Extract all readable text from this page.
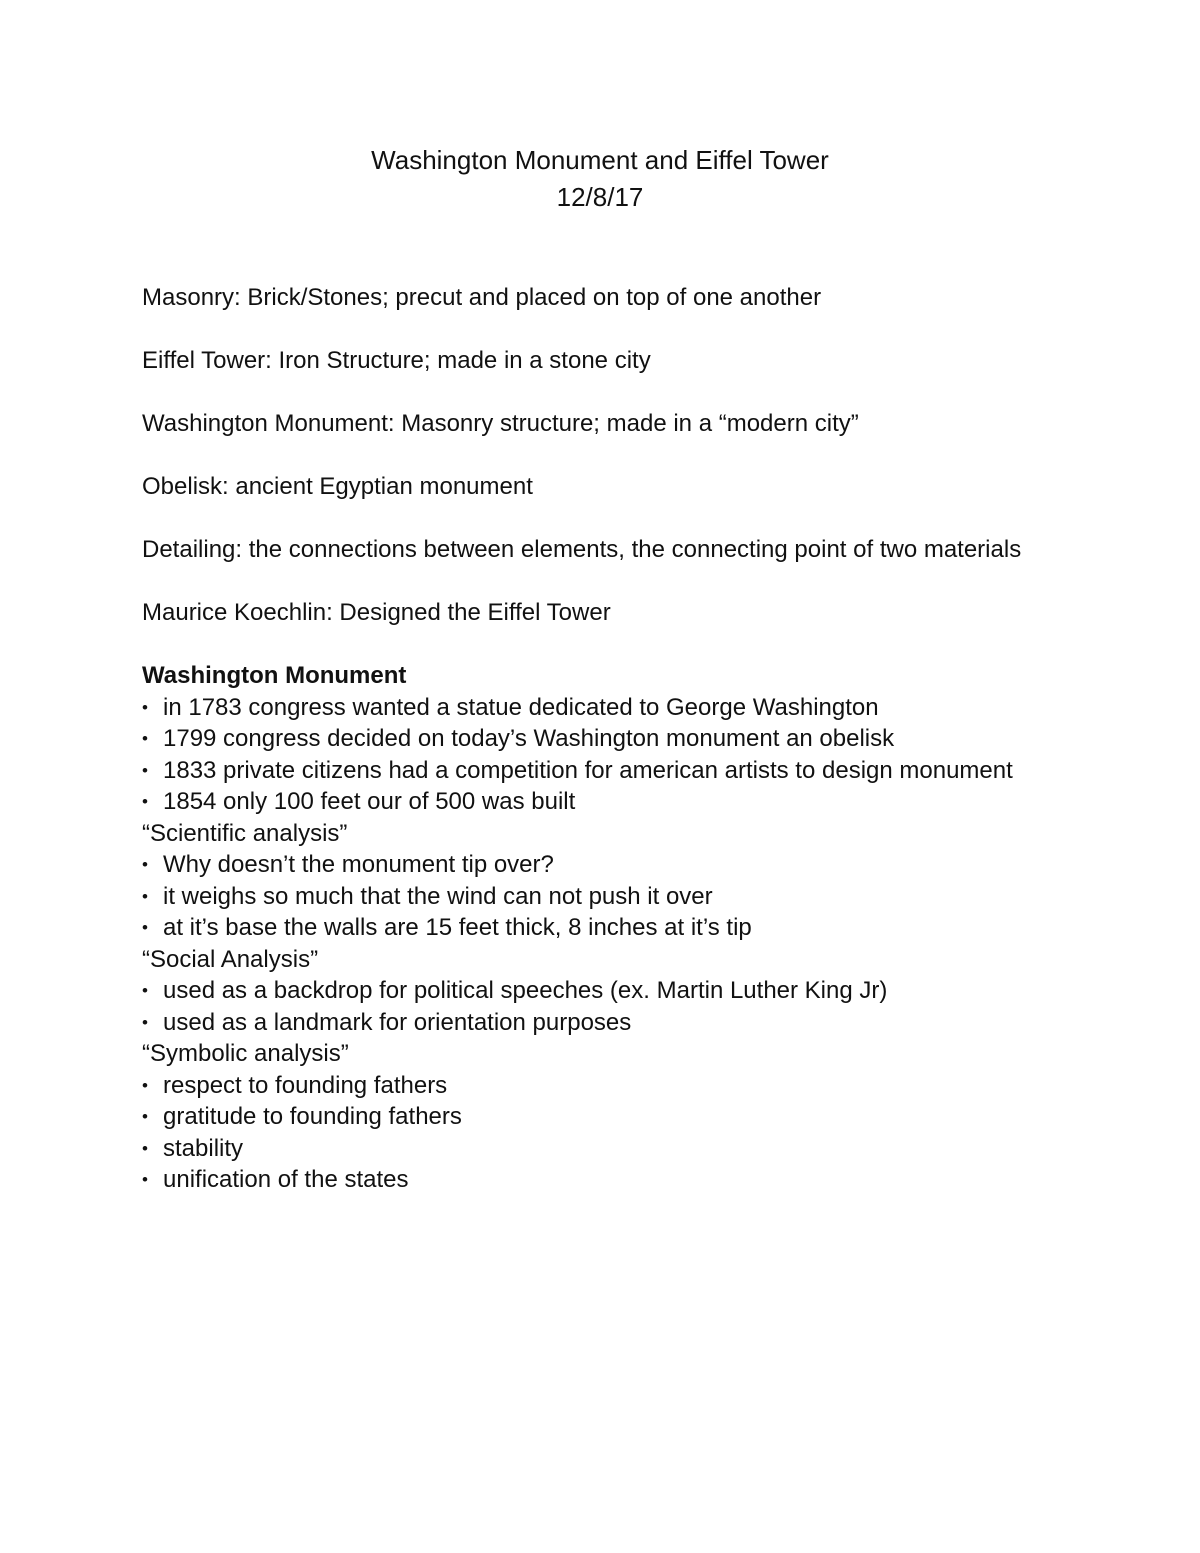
Washington Monument and Eiffel Tower
12/8/17

Masonry: Brick/Stones; precut and placed on top of one another

Eiffel Tower: Iron Structure; made in a stone city

Washington Monument: Masonry structure; made in a “modern city”

Obelisk: ancient Egyptian monument

Detailing: the connections between elements, the connecting point of two materials

Maurice Koechlin: Designed the Eiffel Tower

Washington Monument

• in 1783 congress wanted a statue dedicated to George Washington
• 1799 congress decided on today’s Washington monument an obelisk
• 1833 private citizens had a competition for american artists to design monument
• 1854 only 100 feet our of 500 was built

“Scientific analysis”

• Why doesn’t the monument tip over?
• it weighs so much that the wind can not push it over
• at it’s base the walls are 15 feet thick, 8 inches at it’s tip

“Social Analysis”

• used as a backdrop for political speeches (ex. Martin Luther King Jr)
• used as a landmark for orientation purposes

“Symbolic analysis”

• respect to founding fathers
• gratitude to founding fathers
• stability
• unification of the states
